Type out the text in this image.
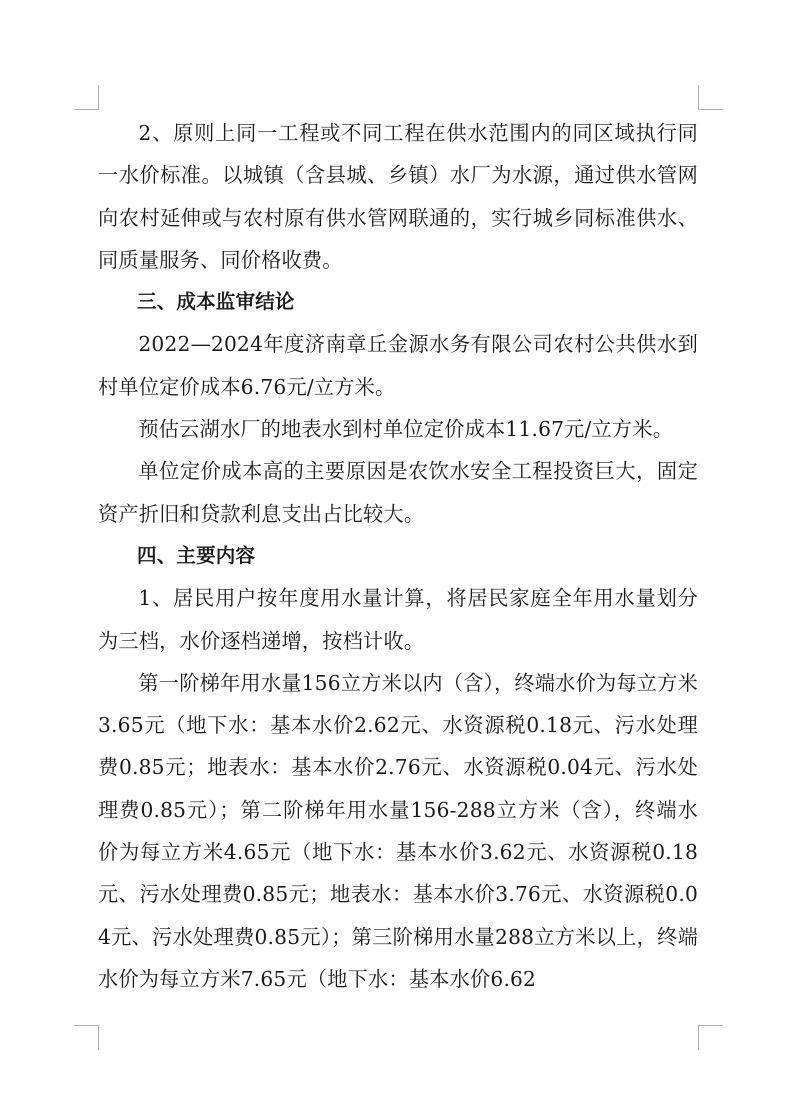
2、原则上同一工程或不同工程在供水范围内的同区域执行同一水价标准。以城镇（含县城、乡镇）水厂为水源，通过供水管网向农村延伸或与农村原有供水管网联通的，实行城乡同标准供水、同质量服务、同价格收费。

三、成本监审结论

2022—2024年度济南章丘金源水务有限公司农村公共供水到村单位定价成本6.76元/立方米。

预估云湖水厂的地表水到村单位定价成本11.67元/立方米。

单位定价成本高的主要原因是农饮水安全工程投资巨大，固定资产折旧和贷款利息支出占比较大。

四、主要内容

1、居民用户按年度用水量计算，将居民家庭全年用水量划分为三档，水价逐档递增，按档计收。

第一阶梯年用水量156立方米以内（含），终端水价为每立方米3.65元（地下水：基本水价2.62元、水资源税0.18元、污水处理费0.85元；地表水：基本水价2.76元、水资源税0.04元、污水处理费0.85元）；第二阶梯年用水量156-288立方米（含），终端水价为每立方米4.65元（地下水：基本水价3.62元、水资源税0.18元、污水处理费0.85元；地表水：基本水价3.76元、水资源税0.04元、污水处理费0.85元）；第三阶梯用水量288立方米以上，终端水价为每立方米7.65元（地下水：基本水价6.62
